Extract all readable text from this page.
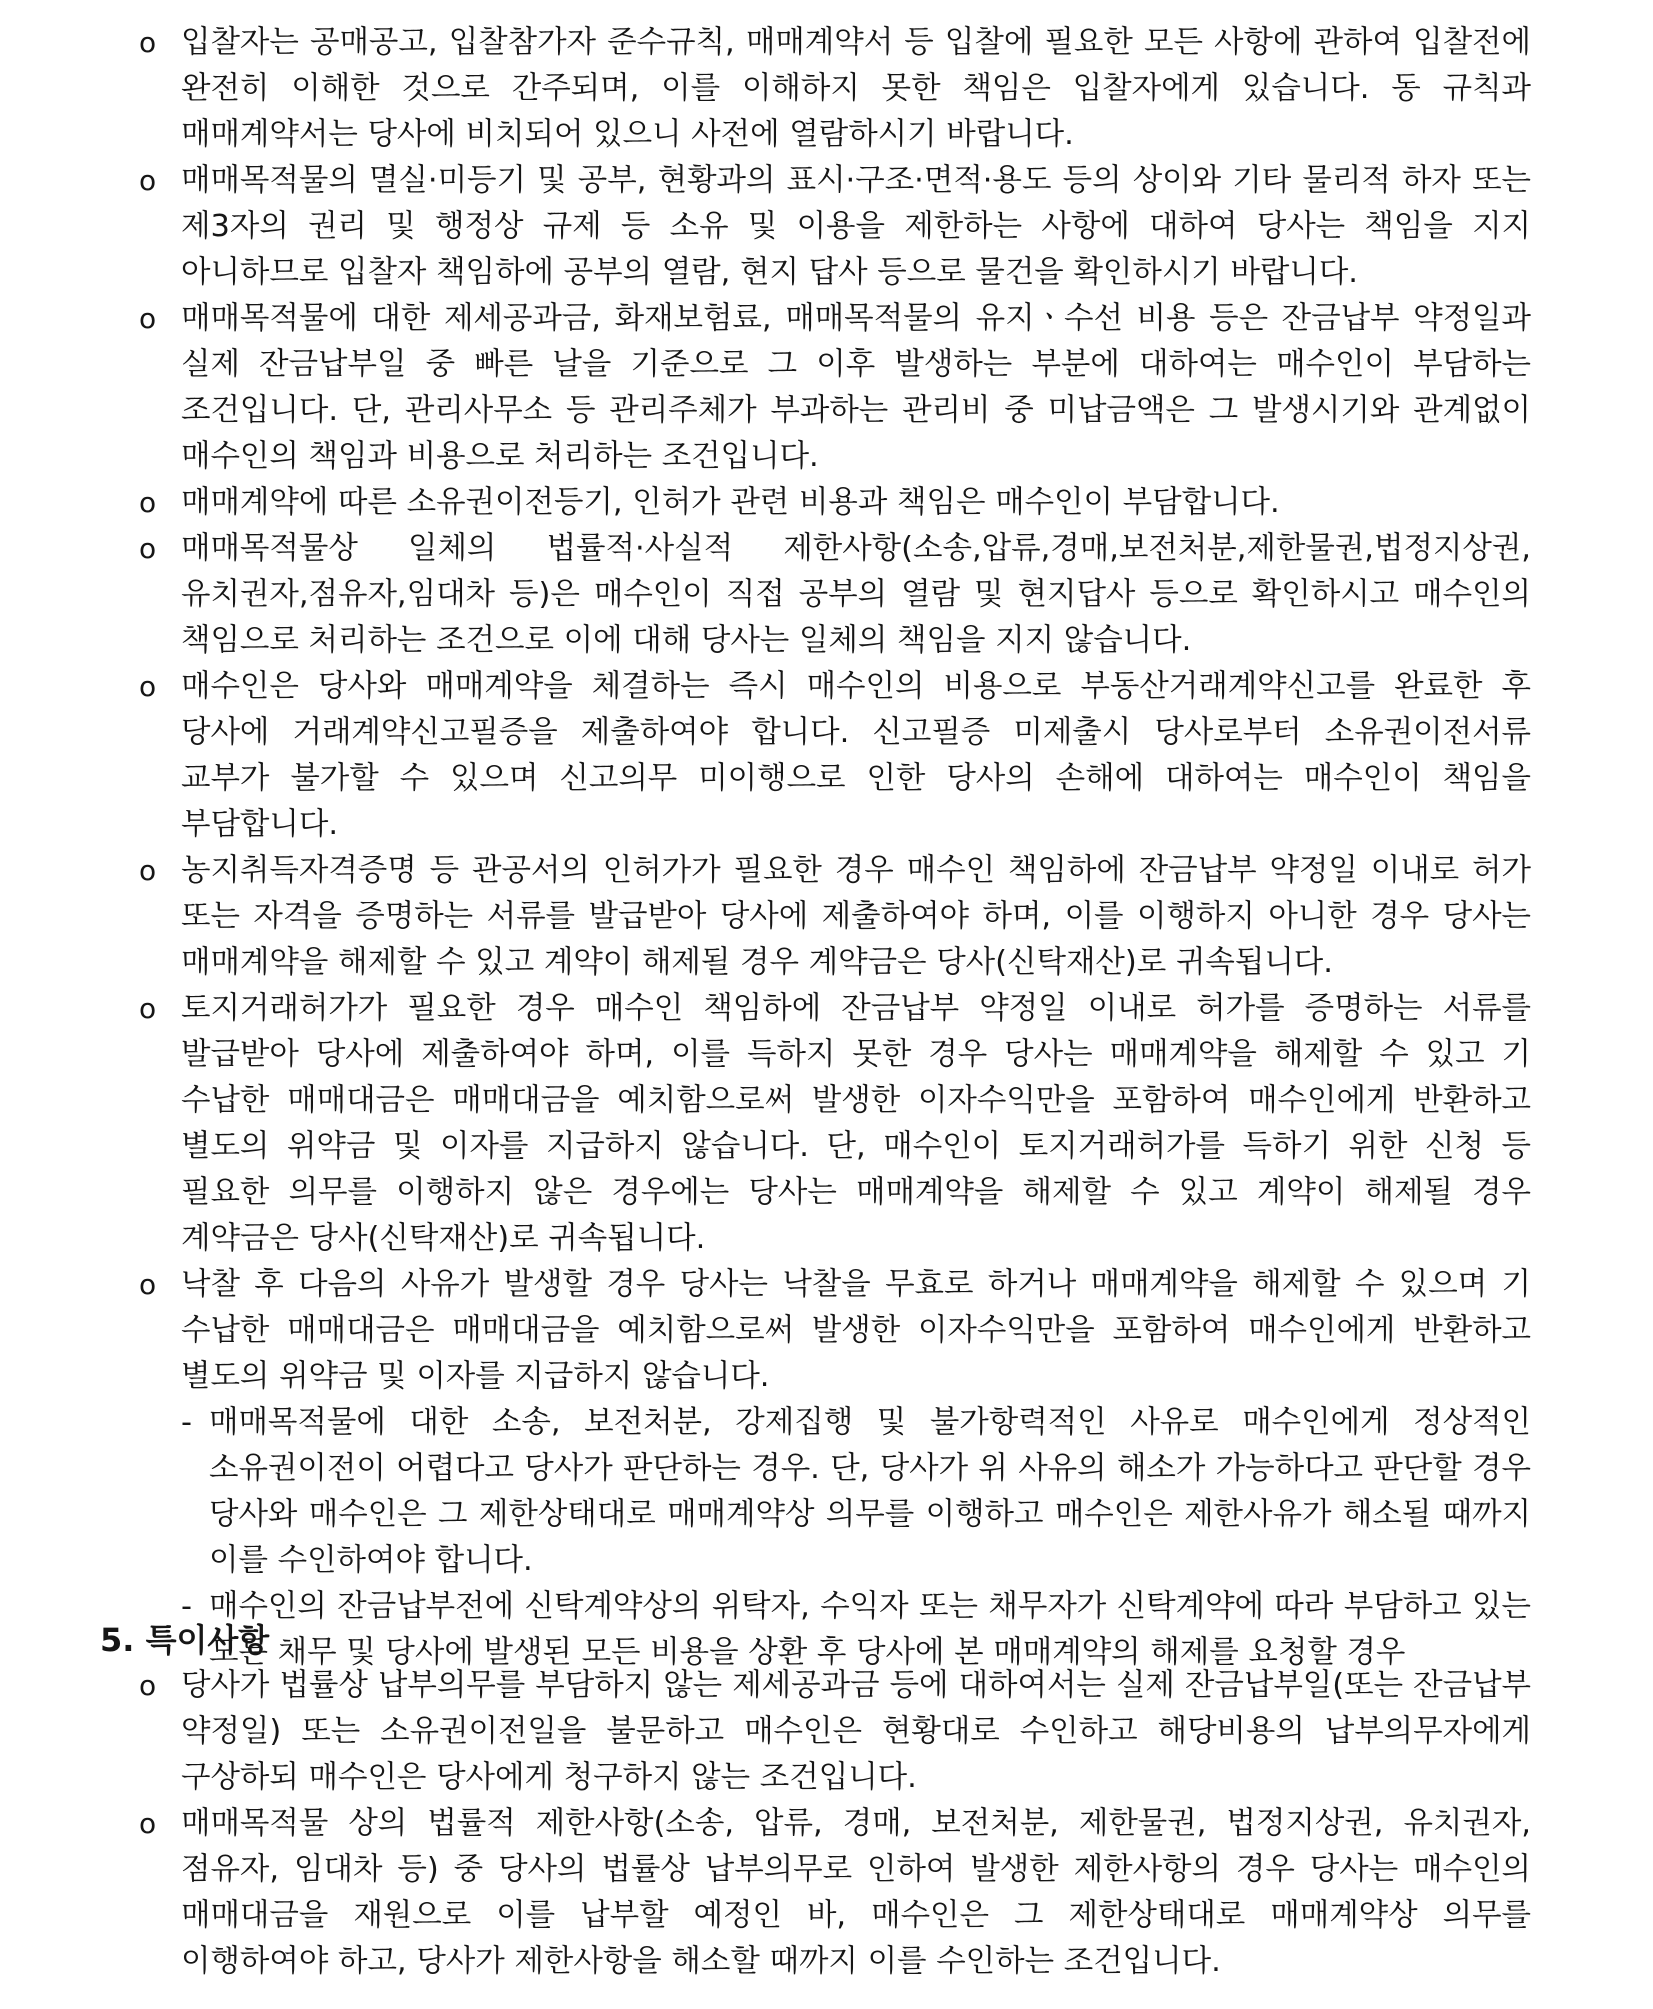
ο 입찰자는 공매공고, 입찰참가자 준수규칙, 매매계약서 등 입찰에 필요한 모든 사항에 관하여 입찰전에 완전히 이해한 것으로 간주되며, 이를 이해하지 못한 책임은 입찰자에게 있습니다. 동 규칙과 매매계약서는 당사에 비치되어 있으니 사전에 열람하시기 바랍니다.
ο 매매목적물의 멸실·미등기 및 공부, 현황과의 표시·구조·면적·용도 등의 상이와 기타 물리적 하자 또는 제3자의 권리 및 행정상 규제 등 소유 및 이용을 제한하는 사항에 대하여 당사는 책임을 지지 아니하므로 입찰자 책임하에 공부의 열람, 현지 답사 등으로 물건을 확인하시기 바랍니다.
ο 매매목적물에 대한 제세공과금, 화재보험료, 매매목적물의 유지ㆍ수선 비용 등은 잔금납부 약정일과 실제 잔금납부일 중 빠른 날을 기준으로 그 이후 발생하는 부분에 대하여는 매수인이 부담하는 조건입니다. 단, 관리사무소 등 관리주체가 부과하는 관리비 중 미납금액은 그 발생시기와 관계없이 매수인의 책임과 비용으로 처리하는 조건입니다.
ο 매매계약에 따른 소유권이전등기, 인허가 관련 비용과 책임은 매수인이 부담합니다.
ο 매매목적물상 일체의 법률적·사실적 제한사항(소송,압류,경매,보전처분,제한물권,법정지상권,유치권자,점유자,임대차 등)은 매수인이 직접 공부의 열람 및 현지답사 등으로 확인하시고 매수인의 책임으로 처리하는 조건으로 이에 대해 당사는 일체의 책임을 지지 않습니다.
ο 매수인은 당사와 매매계약을 체결하는 즉시 매수인의 비용으로 부동산거래계약신고를 완료한 후 당사에 거래계약신고필증을 제출하여야 합니다. 신고필증 미제출시 당사로부터 소유권이전서류 교부가 불가할 수 있으며 신고의무 미이행으로 인한 당사의 손해에 대하여는 매수인이 책임을 부담합니다.
ο 농지취득자격증명 등 관공서의 인허가가 필요한 경우 매수인 책임하에 잔금납부 약정일 이내로 허가 또는 자격을 증명하는 서류를 발급받아 당사에 제출하여야 하며, 이를 이행하지 아니한 경우 당사는 매매계약을 해제할 수 있고 계약이 해제될 경우 계약금은 당사(신탁재산)로 귀속됩니다.
ο 토지거래허가가 필요한 경우 매수인 책임하에 잔금납부 약정일 이내로 허가를 증명하는 서류를 발급받아 당사에 제출하여야 하며, 이를 득하지 못한 경우 당사는 매매계약을 해제할 수 있고 기 수납한 매매대금은 매매대금을 예치함으로써 발생한 이자수익만을 포함하여 매수인에게 반환하고 별도의 위약금 및 이자를 지급하지 않습니다. 단, 매수인이 토지거래허가를 득하기 위한 신청 등 필요한 의무를 이행하지 않은 경우에는 당사는 매매계약을 해제할 수 있고 계약이 해제될 경우 계약금은 당사(신탁재산)로 귀속됩니다.
ο 낙찰 후 다음의 사유가 발생할 경우 당사는 낙찰을 무효로 하거나 매매계약을 해제할 수 있으며 기 수납한 매매대금은 매매대금을 예치함으로써 발생한 이자수익만을 포함하여 매수인에게 반환하고 별도의 위약금 및 이자를 지급하지 않습니다.
- 매매목적물에 대한 소송, 보전처분, 강제집행 및 불가항력적인 사유로 매수인에게 정상적인 소유권이전이 어렵다고 당사가 판단하는 경우. 단, 당사가 위 사유의 해소가 가능하다고 판단할 경우 당사와 매수인은 그 제한상태대로 매매계약상 의무를 이행하고 매수인은 제한사유가 해소될 때까지 이를 수인하여야 합니다.
- 매수인의 잔금납부전에 신탁계약상의 위탁자, 수익자 또는 채무자가 신탁계약에 따라 부담하고 있는 모든 채무 및 당사에 발생된 모든 비용을 상환 후 당사에 본 매매계약의 해제를 요청할 경우
5. 특이사항
ο 당사가 법률상 납부의무를 부담하지 않는 제세공과금 등에 대하여서는 실제 잔금납부일(또는 잔금납부 약정일) 또는 소유권이전일을 불문하고 매수인은 현황대로 수인하고 해당비용의 납부의무자에게 구상하되 매수인은 당사에게 청구하지 않는 조건입니다.
ο 매매목적물 상의 법률적 제한사항(소송, 압류, 경매, 보전처분, 제한물권, 법정지상권, 유치권자, 점유자, 임대차 등) 중 당사의 법률상 납부의무로 인하여 발생한 제한사항의 경우 당사는 매수인의 매매대금을 재원으로 이를 납부할 예정인 바, 매수인은 그 제한상태대로 매매계약상 의무를 이행하여야 하고, 당사가 제한사항을 해소할 때까지 이를 수인하는 조건입니다.
